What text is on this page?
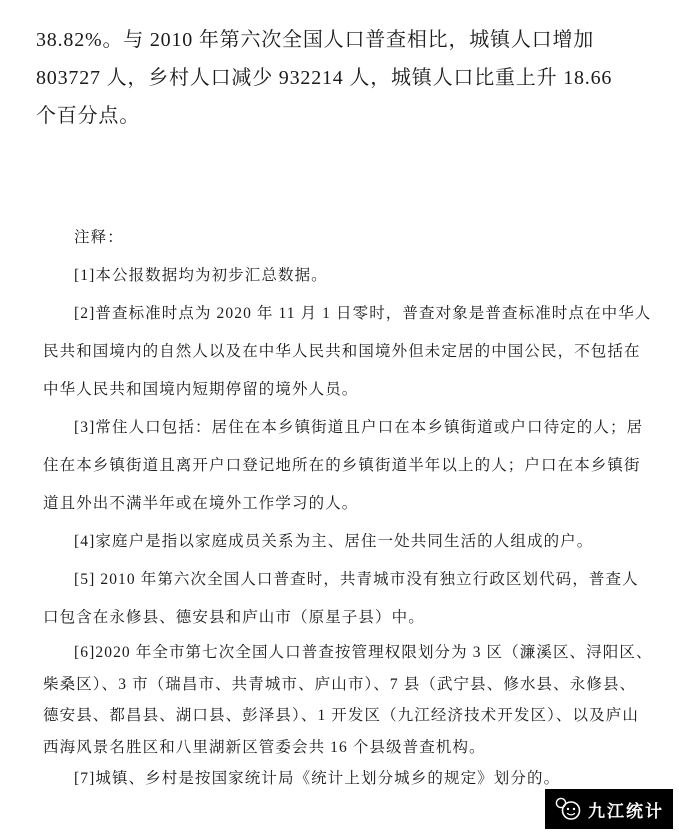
38.82%。与 2010 年第六次全国人口普查相比，城镇人口增加
803727 人，乡村人口减少 932214 人，城镇人口比重上升 18.66
个百分点。
注释：
[1]本公报数据均为初步汇总数据。
[2]普查标准时点为 2020 年 11 月 1 日零时，普查对象是普查标准时点在中华人
民共和国境内的自然人以及在中华人民共和国境外但未定居的中国公民，不包括在
中华人民共和国境内短期停留的境外人员。
[3]常住人口包括：居住在本乡镇街道且户口在本乡镇街道或户口待定的人；居
住在本乡镇街道且离开户口登记地所在的乡镇街道半年以上的人；户口在本乡镇街
道且外出不满半年或在境外工作学习的人。
[4]家庭户是指以家庭成员关系为主、居住一处共同生活的人组成的户。
[5] 2010 年第六次全国人口普查时，共青城市没有独立行政区划代码，普查人
口包含在永修县、德安县和庐山市（原星子县）中。
[6]2020 年全市第七次全国人口普查按管理权限划分为 3 区（濂溪区、浔阳区、
柴桑区）、3 市（瑞昌市、共青城市、庐山市）、7 县（武宁县、修水县、永修县、
德安县、都昌县、湖口县、彭泽县）、1 开发区（九江经济技术开发区）、以及庐山
西海风景名胜区和八里湖新区管委会共 16 个县级普查机构。
[7]城镇、乡村是按国家统计局《统计上划分城乡的规定》划分的。
九江统计
